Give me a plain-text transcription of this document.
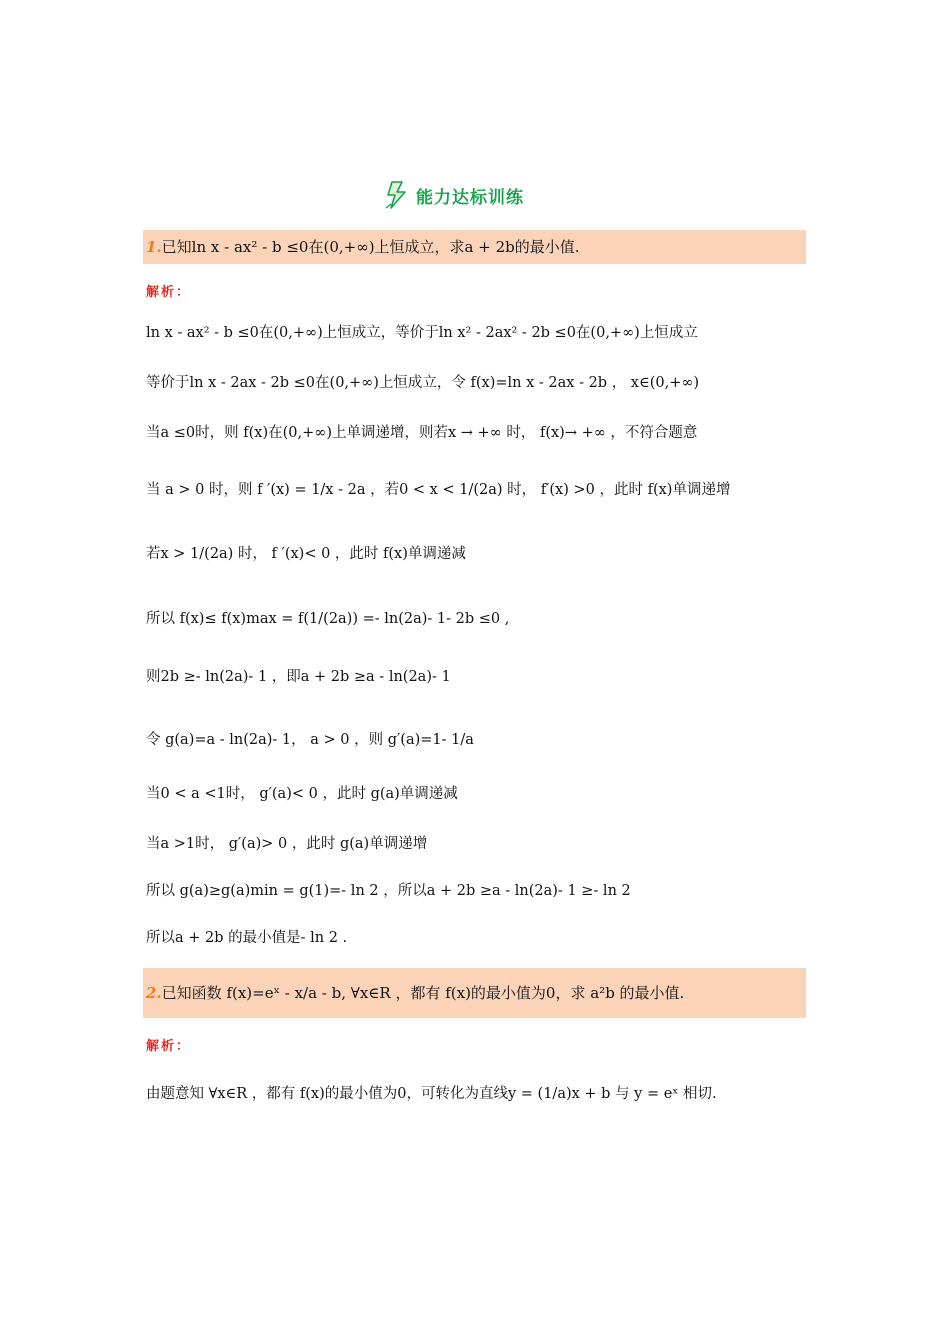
能力达标训练
1.已知ln x - ax² - b ≤0在(0,+∞)上恒成立，求a + 2b的最小值.
解析：
ln x - ax² - b ≤0在(0,+∞)上恒成立，等价于ln x² - 2ax² - 2b ≤0在(0,+∞)上恒成立
等价于ln x - 2ax - 2b ≤0在(0,+∞)上恒成立，令 f(x)=ln x - 2ax - 2b ， x∈(0,+∞)
当a ≤0时，则 f(x)在(0,+∞)上单调递增，则若x → +∞ 时， f(x)→ +∞ ，不符合题意
当 a > 0 时，则 f ′(x) = 1/x - 2a ，若0 < x < 1/(2a) 时， f′(x) >0 ，此时 f(x)单调递增
若x > 1/(2a) 时， f ′(x)< 0 ，此时 f(x)单调递减
所以 f(x)≤ f(x)max = f(1/(2a)) =- ln(2a)- 1- 2b ≤0 ,
则2b ≥- ln(2a)- 1 ，即a + 2b ≥a - ln(2a)- 1
令 g(a)=a - ln(2a)- 1， a > 0 ，则 g′(a)=1- 1/a
当0 < a <1时， g′(a)< 0 ，此时 g(a)单调递减
当a >1时， g′(a)> 0 ，此时 g(a)单调递增
所以 g(a)≥g(a)min = g(1)=- ln 2 ，所以a + 2b ≥a - ln(2a)- 1 ≥- ln 2
所以a + 2b 的最小值是- ln 2 .
2.已知函数 f(x)=eˣ - x/a - b, ∀x∈R ，都有 f(x)的最小值为0，求 a²b 的最小值.
解析：
由题意知 ∀x∈R ，都有 f(x)的最小值为0，可转化为直线y = (1/a)x + b 与 y = eˣ 相切.
